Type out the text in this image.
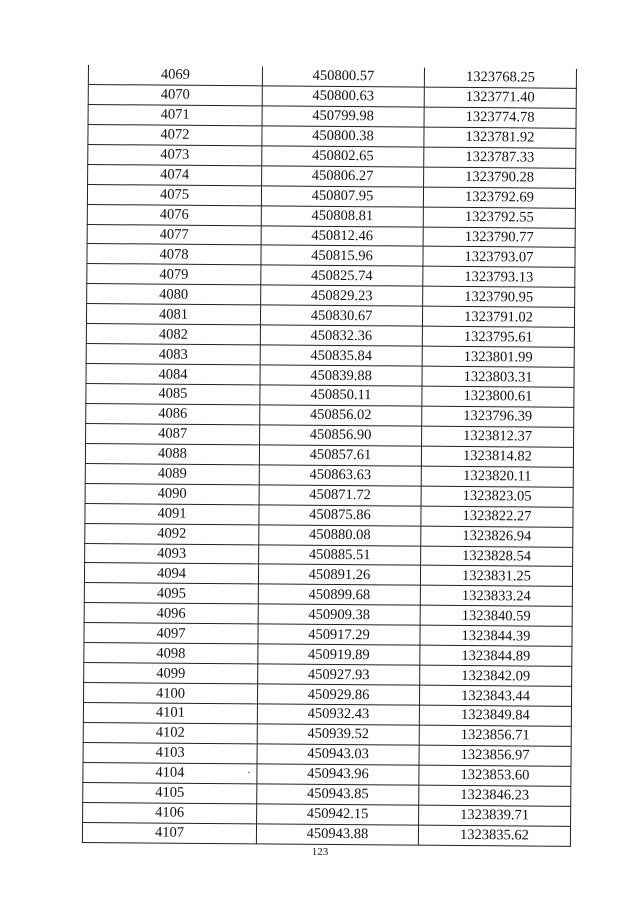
4069	450800.57	1323768.25
4070	450800.63	1323771.40
4071	450799.98	1323774.78
4072	450800.38	1323781.92
4073	450802.65	1323787.33
4074	450806.27	1323790.28
4075	450807.95	1323792.69
4076	450808.81	1323792.55
4077	450812.46	1323790.77
4078	450815.96	1323793.07
4079	450825.74	1323793.13
4080	450829.23	1323790.95
4081	450830.67	1323791.02
4082	450832.36	1323795.61
4083	450835.84	1323801.99
4084	450839.88	1323803.31
4085	450850.11	1323800.61
4086	450856.02	1323796.39
4087	450856.90	1323812.37
4088	450857.61	1323814.82
4089	450863.63	1323820.11
4090	450871.72	1323823.05
4091	450875.86	1323822.27
4092	450880.08	1323826.94
4093	450885.51	1323828.54
4094	450891.26	1323831.25
4095	450899.68	1323833.24
4096	450909.38	1323840.59
4097	450917.29	1323844.39
4098	450919.89	1323844.89
4099	450927.93	1323842.09
4100	450929.86	1323843.44
4101	450932.43	1323849.84
4102	450939.52	1323856.71
4103	450943.03	1323856.97
4104	450943.96	1323853.60
4105	450943.85	1323846.23
4106	450942.15	1323839.71
4107	450943.88	1323835.62
123
